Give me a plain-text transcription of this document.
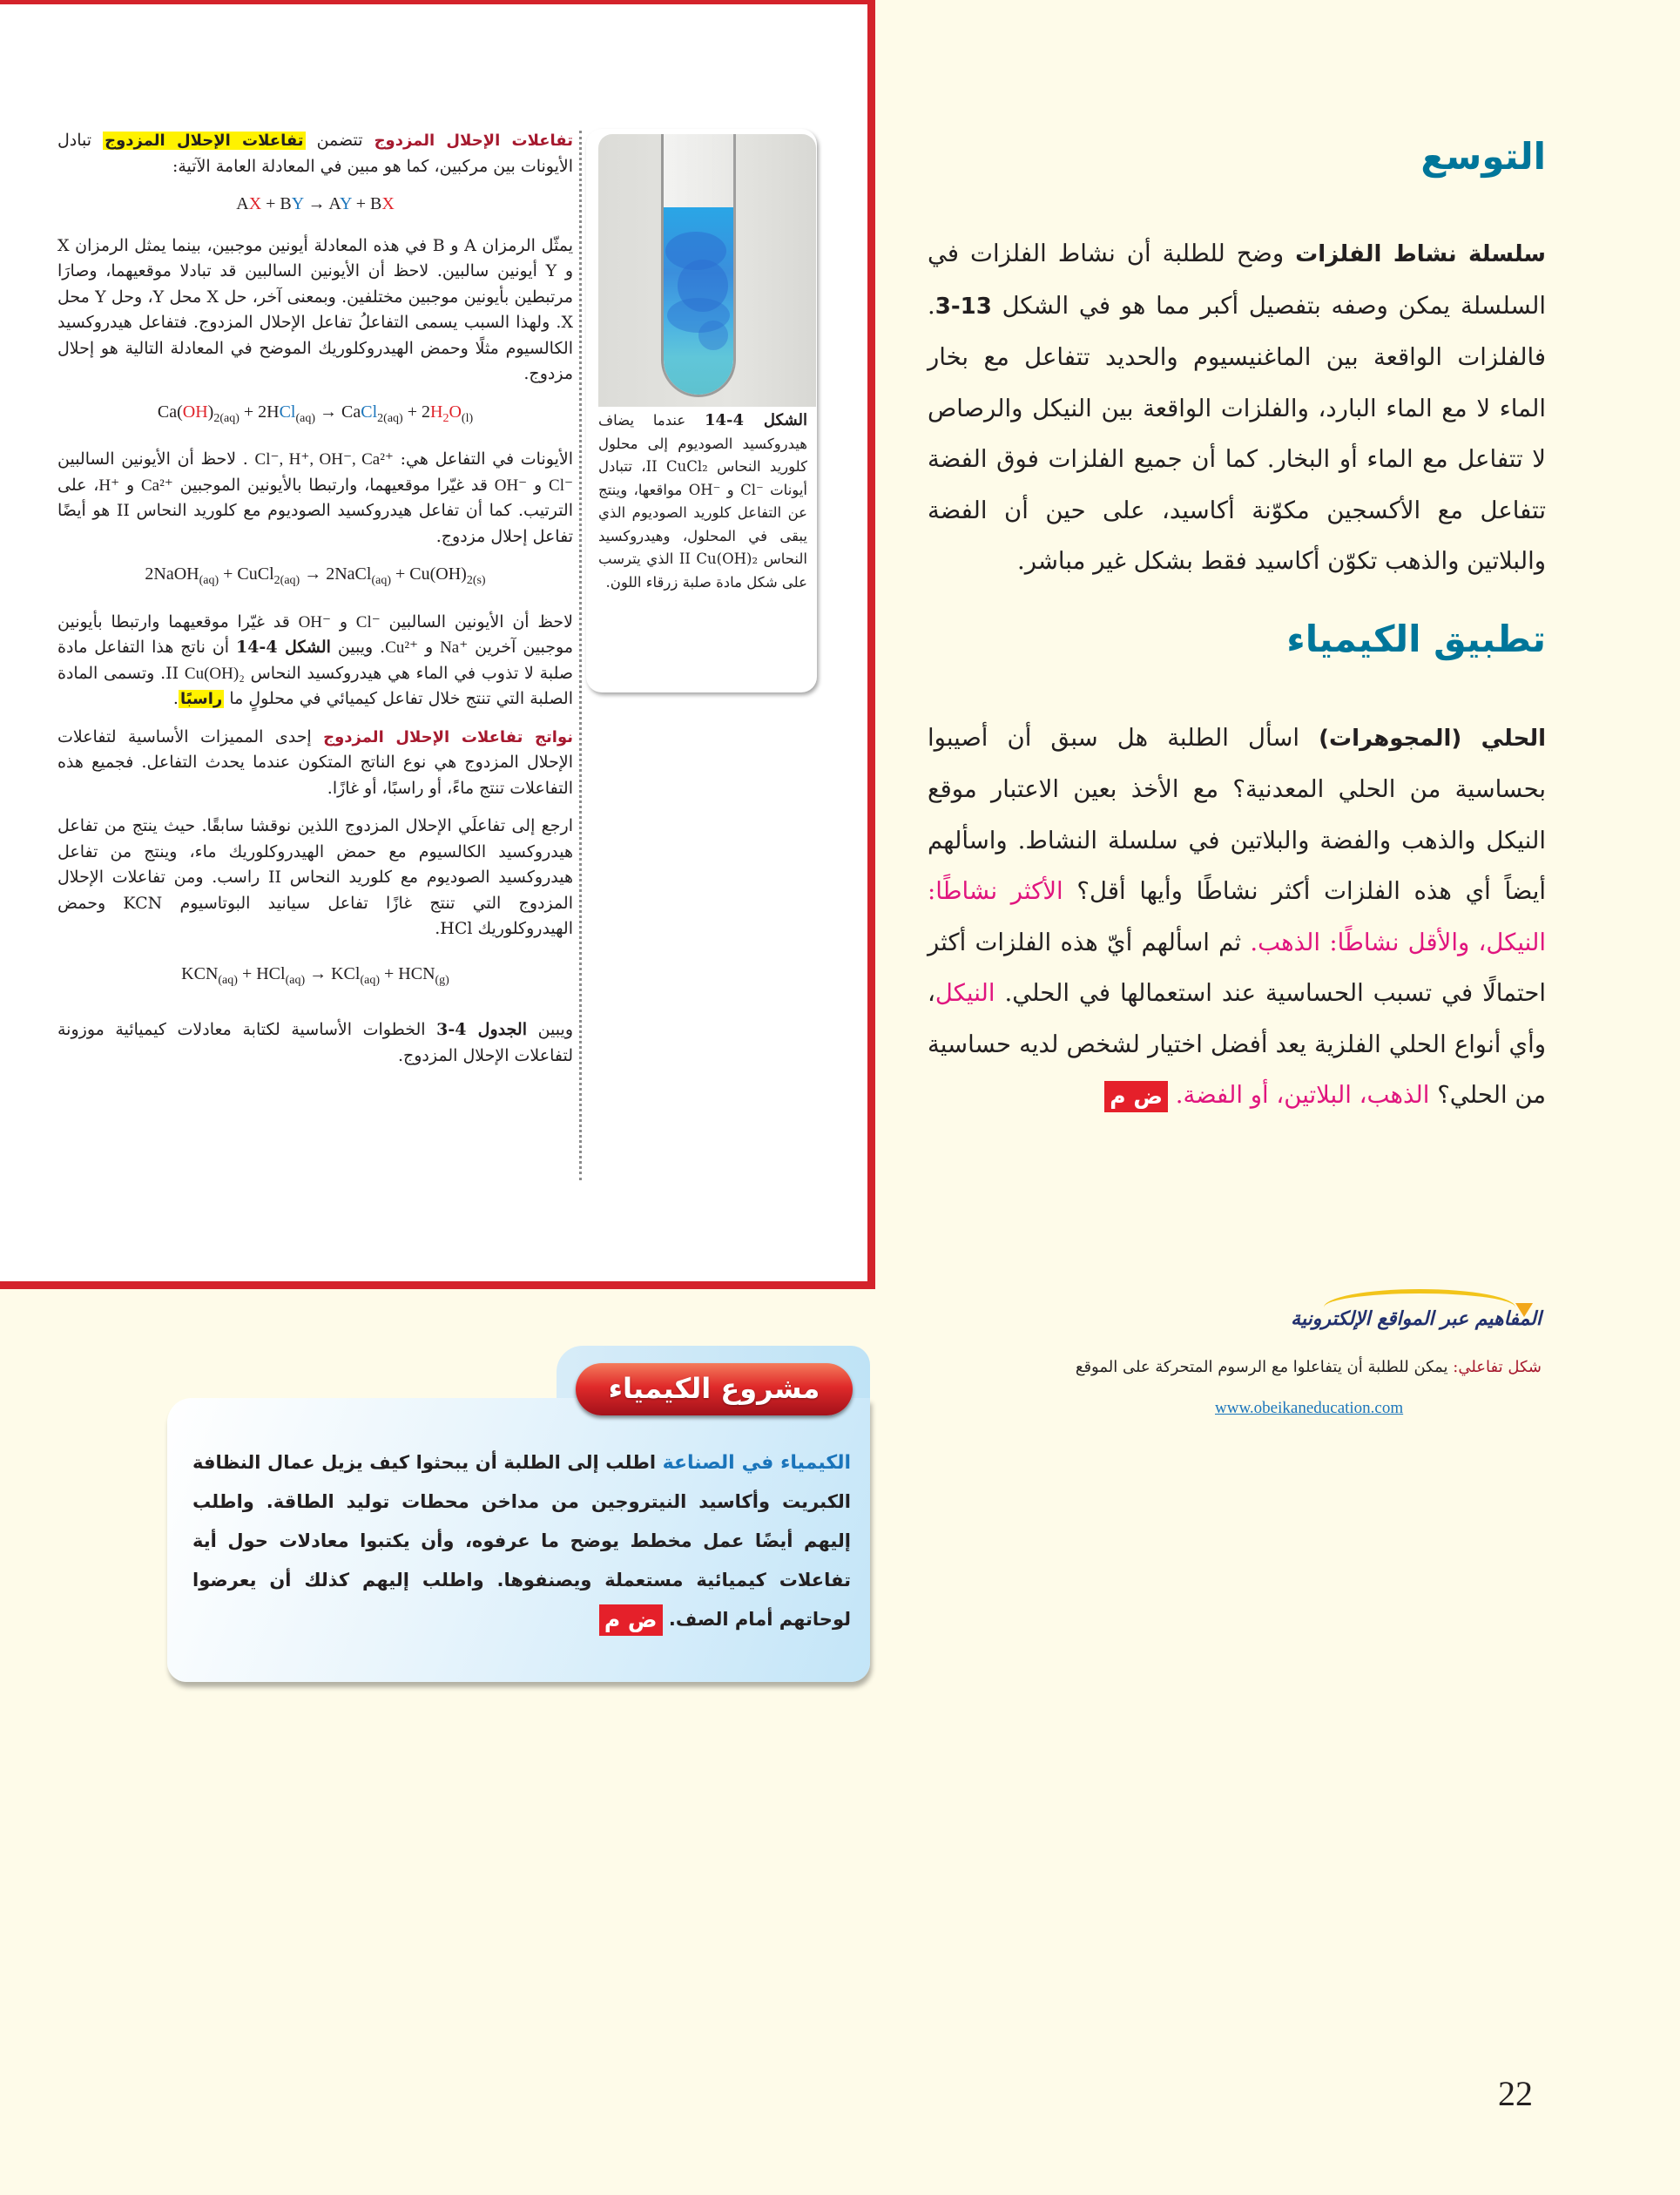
تفاعلات الإحلال المزدوج تتضمن تفاعلات الإحلال المزدوج تبادل الأيونات بين مركبين، كما هو مبين في المعادلة العامة الآتية:

AX + BY → AY + BX

يمثّل الرمزان A و B في هذه المعادلة أيونين موجبين، بينما يمثل الرمزان X و Y أيونين سالبين. لاحظ أن الأيونين السالبين قد تبادلا موقعيهما، وصارَا مرتبطين بأيونين موجبين مختلفين. وبمعنى آخر، حل X محل Y، وحل Y محل X. ولهذا السبب يسمى التفاعلُ تفاعل الإحلال المزدوج. فتفاعل هيدروكسيد الكالسيوم مثلًا وحمض الهيدروكلوريك الموضح في المعادلة التالية هو إحلال مزدوج.

$Ca(OH)_{2(aq)} + 2HCl_{(aq)}$ → CaCl$_{2(aq)}$ + $2H_2O_{(l)}$

الأيونات في التفاعل هي: Cl⁻, H⁺, OH⁻, Ca²⁺ . لاحظ أن الأيونين السالبين Cl⁻ و OH⁻ قد غيّرا موقعيهما، وارتبطا بالأيونين الموجبين Ca²⁺ و H⁺، على الترتيب. كما أن تفاعل هيدروكسيد الصوديوم مع كلوريد النحاس II هو أيضًا تفاعل إحلال مزدوج.

2NaOH$_{(aq)}$ + CuCl$_{2(aq)}$ → 2NaCl$_{(aq)}$ + $Cu(OH)_{2(s)}$

لاحظ أن الأيونين السالبين Cl⁻ و OH⁻ قد غيّرا موقعيهما وارتبطا بأيونين موجبين آخرين Na⁺ و Cu²⁺. ويبين الشكل 4-14 أن ناتج هذا التفاعل مادة صلبة لا تذوب في الماء هي هيدروكسيد النحاس II Cu(OH)₂. وتسمى المادة الصلبة التي تنتج خلال تفاعل كيميائي في محلولٍ ما راسبًا.

نواتج تفاعلات الإحلال المزدوج إحدى المميزات الأساسية لتفاعلات الإحلال المزدوج هي نوع الناتج المتكون عندما يحدث التفاعل. فجميع هذه التفاعلات تنتج ماءً، أو راسبًا، أو غازًا.

ارجع إلى تفاعلَي الإحلال المزدوج اللذين نوقشا سابقًا. حيث ينتج من تفاعل هيدروكسيد الكالسيوم مع حمض الهيدروكلوريك ماء، وينتج من تفاعل هيدروكسيد الصوديوم مع كلوريد النحاس II راسب. ومن تفاعلات الإحلال المزدوج التي تنتج غازًا تفاعل سيانيد البوتاسيوم KCN وحمض الهيدروكلوريك HCl.

$KCN_{(aq)} + HCl_{(aq)} \to KCl_{(aq)} + HCN_{(g)}$

ويبين الجدول 4-3 الخطوات الأساسية لكتابة معادلات كيميائية موزونة لتفاعلات الإحلال المزدوج.

الشكل 4-14 عندما يضاف هيدروكسيد الصوديوم إلى محلول كلوريد النحاس II ‎CuCl₂‎، تتبادل أيونات ‎Cl⁻‎ و ‎OH⁻‎ مواقعها، وينتج عن التفاعل كلوريد الصوديوم الذي يبقى في المحلول، وهيدروكسيد النحاس II ‎Cu(OH)₂‎ الذي يترسب على شكل مادة صلبة زرقاء اللون.
التوسع

سلسلة نشاط الفلزات وضح للطلبة أن نشاط الفلزات في السلسلة يمكن وصفه بتفصيل أكبر مما هو في الشكل 3-13. فالفلزات الواقعة بين الماغنيسيوم والحديد تتفاعل مع بخار الماء لا مع الماء البارد، والفلزات الواقعة بين النيكل والرصاص لا تتفاعل مع الماء أو البخار. كما أن جميع الفلزات فوق الفضة تتفاعل مع الأكسجين مكوّنة أكاسيد، على حين أن الفضة والبلاتين والذهب تكوّن أكاسيد فقط بشكل غير مباشر.

تطبيق الكيمياء

الحلي (المجوهرات) اسأل الطلبة هل سبق أن أصيبوا بحساسية من الحلي المعدنية؟ مع الأخذ بعين الاعتبار موقع النيكل والذهب والفضة والبلاتين في سلسلة النشاط. واسألهم أيضاً أي هذه الفلزات أكثر نشاطًا وأيها أقل؟ الأكثر نشاطًا: النيكل، والأقل نشاطًا: الذهب. ثم اسألهم أيّ هذه الفلزات أكثر احتمالًا في تسبب الحساسية عند استعمالها في الحلي. النيكل، وأي أنواع الحلي الفلزية يعد أفضل اختيار لشخص لديه حساسية من الحلي؟ الذهب، البلاتين، أو الفضة. ض م

المفاهيم عبر المواقع الإلكترونية

شكل تفاعلي: يمكن للطلبة أن يتفاعلوا مع الرسوم المتحركة على الموقع

www.obeikaneducation.com
مشروع الكيمياء

الكيمياء في الصناعة اطلب إلى الطلبة أن يبحثوا كيف يزيل عمال النظافة الكبريت وأكاسيد النيتروجين من مداخن محطات توليد الطاقة. واطلب إليهم أيضًا عمل مخطط يوضح ما عرفوه، وأن يكتبوا معادلات حول أية تفاعلات كيميائية مستعملة ويصنفوها. واطلب إليهم كذلك أن يعرضوا لوحاتهم أمام الصف. ض م

22
